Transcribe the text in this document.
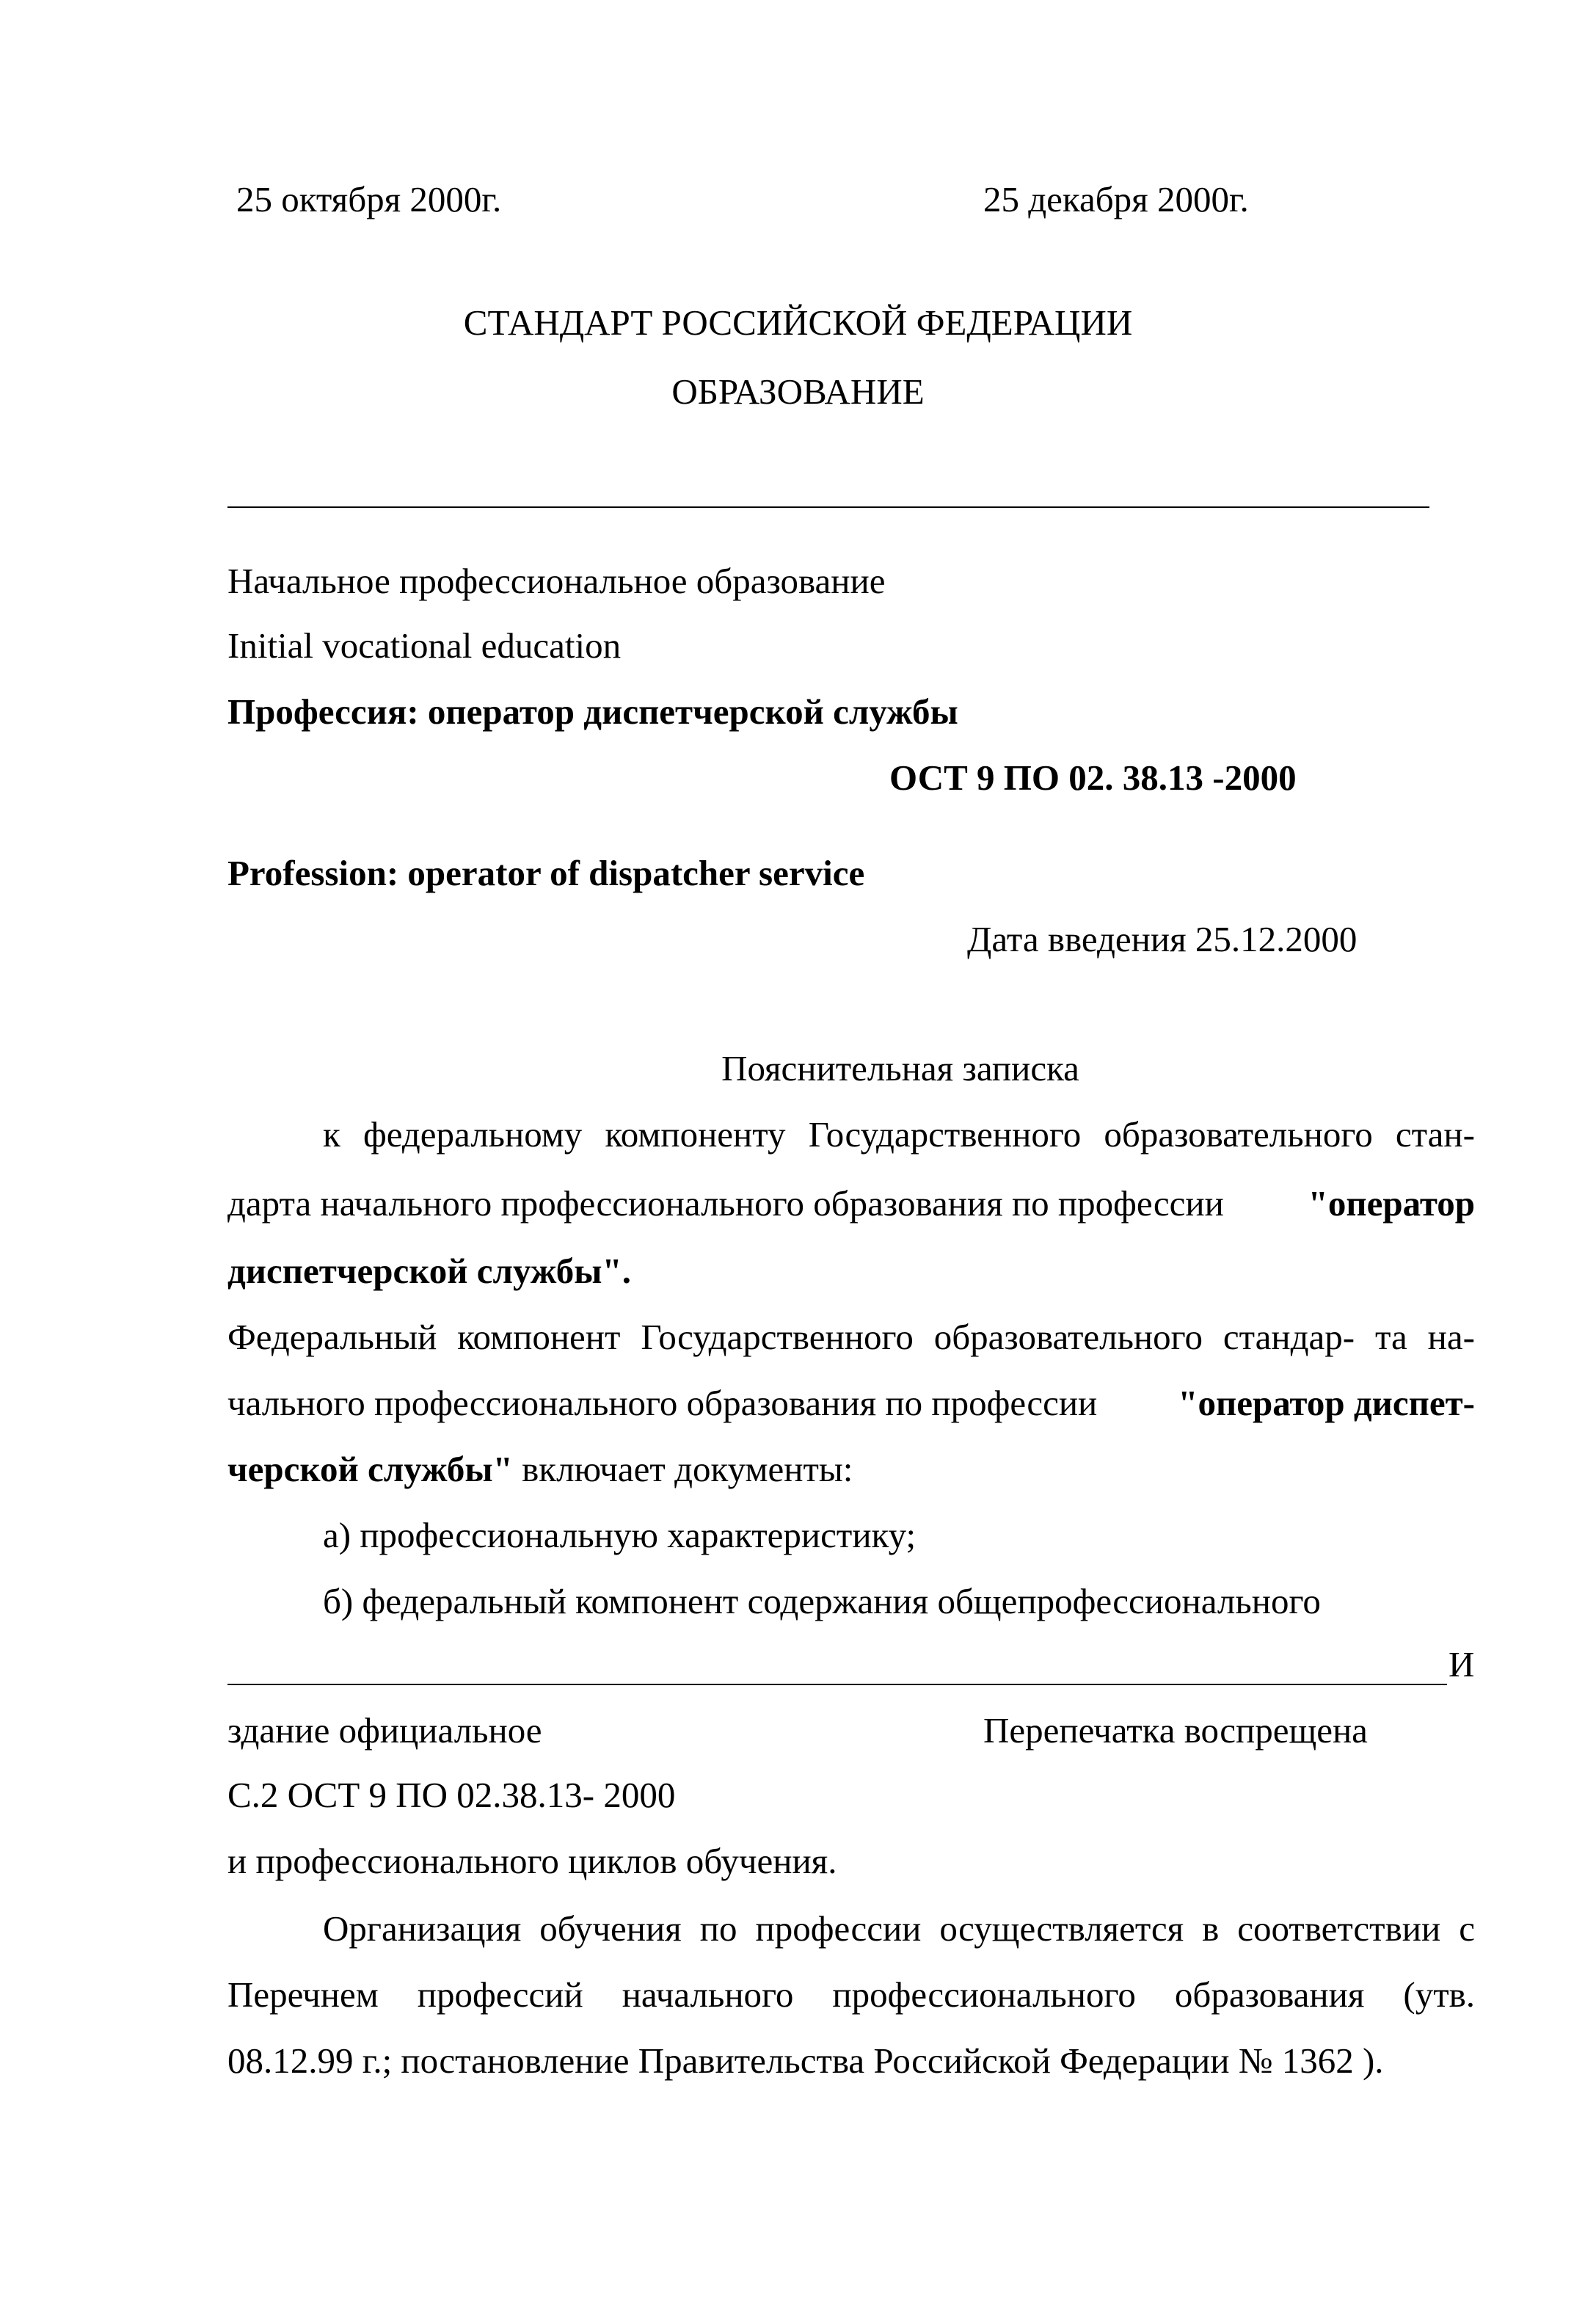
25 октября 2000г.	25 декабря 2000г.
СТАНДАРТ РОССИЙСКОЙ ФЕДЕРАЦИИ
ОБРАЗОВАНИЕ
Начальное профессиональное образование
Initial vocational education
Профессия: оператор диспетчерской службы
ОСТ 9 ПО 02. 38.13 -2000
Profession: operator of dispatcher service
Дата введения 25.12.2000
Пояснительная записка
к федеральному компоненту Государственного образовательного стан-
дарта начального профессионального образования по профессии "оператор
диспетчерской службы".
Федеральный компонент Государственного образовательного стандар- та на-
чального профессионального образования по профессии "оператор диспет-
черской службы" включает документы:
а) профессиональную характеристику;
б) федеральный компонент содержания общепрофессионального
И
здание официальное	Перепечатка воспрещена
С.2 ОСТ 9 ПО 02.38.13- 2000
и профессионального циклов обучения.
Организация обучения по профессии осуществляется в соответствии с
Перечнем профессий начального профессионального образования (утв.
08.12.99 г.; постановление Правительства Российской Федерации № 1362 ).
